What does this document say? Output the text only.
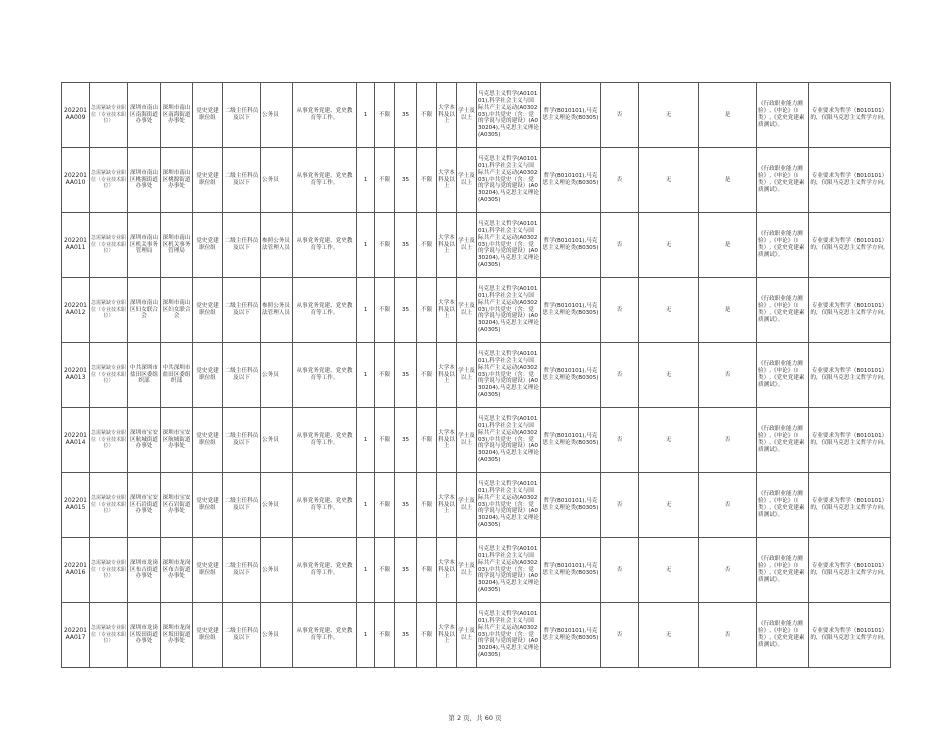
202201AA009	急需紧缺专业职位（专业技术职位）	深圳市南山区南海街道办事处	深圳市南山区南海街道办事处	党史党建职位组	二级主任科员及以下	公务员	从事党务党建、党史教育等工作。	1	不限	35	不限	大学本科及以上	学士及以上	马克思主义哲学(A010101),科学社会主义与国际共产主义运动(A030203),中共党史（含：党的学说与党的建设）(A030204),马克思主义理论(A0305)	哲学(B010101),马克思主义理论类(B0305)	否	无	是	《行政职业能力测验》,《申论》（Ⅰ类）,《党史党建素质测试》。	专业要求为哲学（B010101）的，仅限马克思主义哲学方向。
202201AA010	急需紧缺专业职位（专业技术职位）	深圳市南山区桃源街道办事处	深圳市南山区桃源街道办事处	党史党建职位组	二级主任科员及以下	公务员	从事党务党建、党史教育等工作。	1	不限	35	不限	大学本科及以上	学士及以上	马克思主义哲学(A010101),科学社会主义与国际共产主义运动(A030203),中共党史（含：党的学说与党的建设）(A030204),马克思主义理论(A0305)	哲学(B010101),马克思主义理论类(B0305)	否	无	是	《行政职业能力测验》,《申论》（Ⅰ类）,《党史党建素质测试》。	专业要求为哲学（B010101）的，仅限马克思主义哲学方向。
202201AA011	急需紧缺专业职位（专业技术职位）	深圳市南山区机关事务管理局	深圳市南山区机关事务管理局	党史党建职位组	二级主任科员及以下	参照公务员法管理人员	从事党务党建、党史教育等工作。	1	不限	35	不限	大学本科及以上	学士及以上	马克思主义哲学(A010101),科学社会主义与国际共产主义运动(A030203),中共党史（含：党的学说与党的建设）(A030204),马克思主义理论(A0305)	哲学(B010101),马克思主义理论类(B0305)	否	无	是	《行政职业能力测验》,《申论》（Ⅰ类）,《党史党建素质测试》。	专业要求为哲学（B010101）的，仅限马克思主义哲学方向。
202201AA012	急需紧缺专业职位（专业技术职位）	深圳市南山区妇女联合会	深圳市南山区妇女联合会	党史党建职位组	二级主任科员及以下	参照公务员法管理人员	从事党务党建、党史教育等工作。	1	不限	35	不限	大学本科及以上	学士及以上	马克思主义哲学(A010101),科学社会主义与国际共产主义运动(A030203),中共党史（含：党的学说与党的建设）(A030204),马克思主义理论(A0305)	哲学(B010101),马克思主义理论类(B0305)	否	无	是	《行政职业能力测验》,《申论》（Ⅰ类）,《党史党建素质测试》。	专业要求为哲学（B010101）的，仅限马克思主义哲学方向。
202201AA013	急需紧缺专业职位（专业技术职位）	中共深圳市盐田区委组织部	中共深圳市盐田区委组织部	党史党建职位组	二级主任科员及以下	公务员	从事党务党建、党史教育等工作。	1	不限	35	不限	大学本科及以上	学士及以上	马克思主义哲学(A010101),科学社会主义与国际共产主义运动(A030203),中共党史（含：党的学说与党的建设）(A030204),马克思主义理论(A0305)	哲学(B010101),马克思主义理论类(B0305)	否	无	否	《行政职业能力测验》,《申论》（Ⅰ类）,《党史党建素质测试》。	专业要求为哲学（B010101）的，仅限马克思主义哲学方向。
202201AA014	急需紧缺专业职位（专业技术职位）	深圳市宝安区航城街道办事处	深圳市宝安区航城街道办事处	党史党建职位组	二级主任科员及以下	公务员	从事党务党建、党史教育等工作。	1	不限	35	不限	大学本科及以上	学士及以上	马克思主义哲学(A010101),科学社会主义与国际共产主义运动(A030203),中共党史（含：党的学说与党的建设）(A030204),马克思主义理论(A0305)	哲学(B010101),马克思主义理论类(B0305)	否	无	否	《行政职业能力测验》,《申论》（Ⅰ类）,《党史党建素质测试》。	专业要求为哲学（B010101）的，仅限马克思主义哲学方向。
202201AA015	急需紧缺专业职位（专业技术职位）	深圳市宝安区石岩街道办事处	深圳市宝安区石岩街道办事处	党史党建职位组	二级主任科员及以下	公务员	从事党务党建、党史教育等工作。	1	不限	35	不限	大学本科及以上	学士及以上	马克思主义哲学(A010101),科学社会主义与国际共产主义运动(A030203),中共党史（含：党的学说与党的建设）(A030204),马克思主义理论(A0305)	哲学(B010101),马克思主义理论类(B0305)	否	无	否	《行政职业能力测验》,《申论》（Ⅰ类）,《党史党建素质测试》。	专业要求为哲学（B010101）的，仅限马克思主义哲学方向。
202201AA016	急需紧缺专业职位（专业技术职位）	深圳市龙岗区布吉街道办事处	深圳市龙岗区布吉街道办事处	党史党建职位组	二级主任科员及以下	公务员	从事党务党建、党史教育等工作。	1	不限	35	不限	大学本科及以上	学士及以上	马克思主义哲学(A010101),科学社会主义与国际共产主义运动(A030203),中共党史（含：党的学说与党的建设）(A030204),马克思主义理论(A0305)	哲学(B010101),马克思主义理论类(B0305)	否	无	否	《行政职业能力测验》,《申论》（Ⅰ类）,《党史党建素质测试》。	专业要求为哲学（B010101）的，仅限马克思主义哲学方向。
202201AA017	急需紧缺专业职位（专业技术职位）	深圳市龙岗区坂田街道办事处	深圳市龙岗区坂田街道办事处	党史党建职位组	二级主任科员及以下	公务员	从事党务党建、党史教育等工作。	1	不限	35	不限	大学本科及以上	学士及以上	马克思主义哲学(A010101),科学社会主义与国际共产主义运动(A030203),中共党史（含：党的学说与党的建设）(A030204),马克思主义理论(A0305)	哲学(B010101),马克思主义理论类(B0305)	否	无	否	《行政职业能力测验》,《申论》（Ⅰ类）,《党史党建素质测试》。	专业要求为哲学（B010101）的，仅限马克思主义哲学方向。
第 2 页，共 60 页
